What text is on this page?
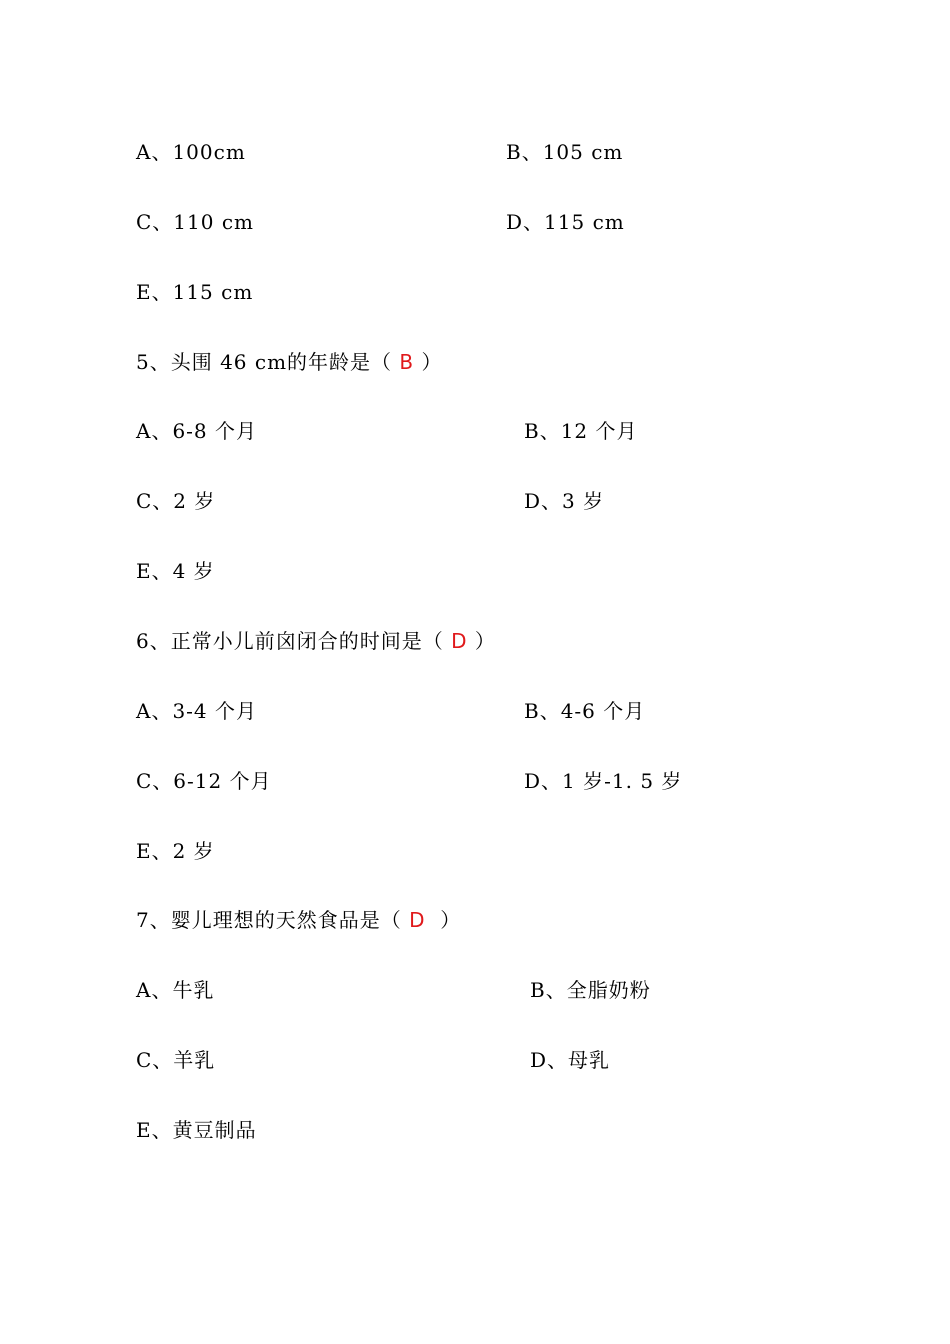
A、100cm	B、105 cm
C、110 cm	D、115 cm
E、115 cm
5、头围 46 cm的年龄是（ B ）
A、6-8 个月	B、12 个月
C、2 岁	D、3 岁
E、4 岁
6、正常小儿前囟闭合的时间是（ D ）
A、3-4 个月	B、4-6 个月
C、6-12 个月	D、1 岁-1. 5 岁
E、2 岁
7、婴儿理想的天然食品是（ D  ）
A、牛乳	B、全脂奶粉
C、羊乳	D、母乳
E、黄豆制品
